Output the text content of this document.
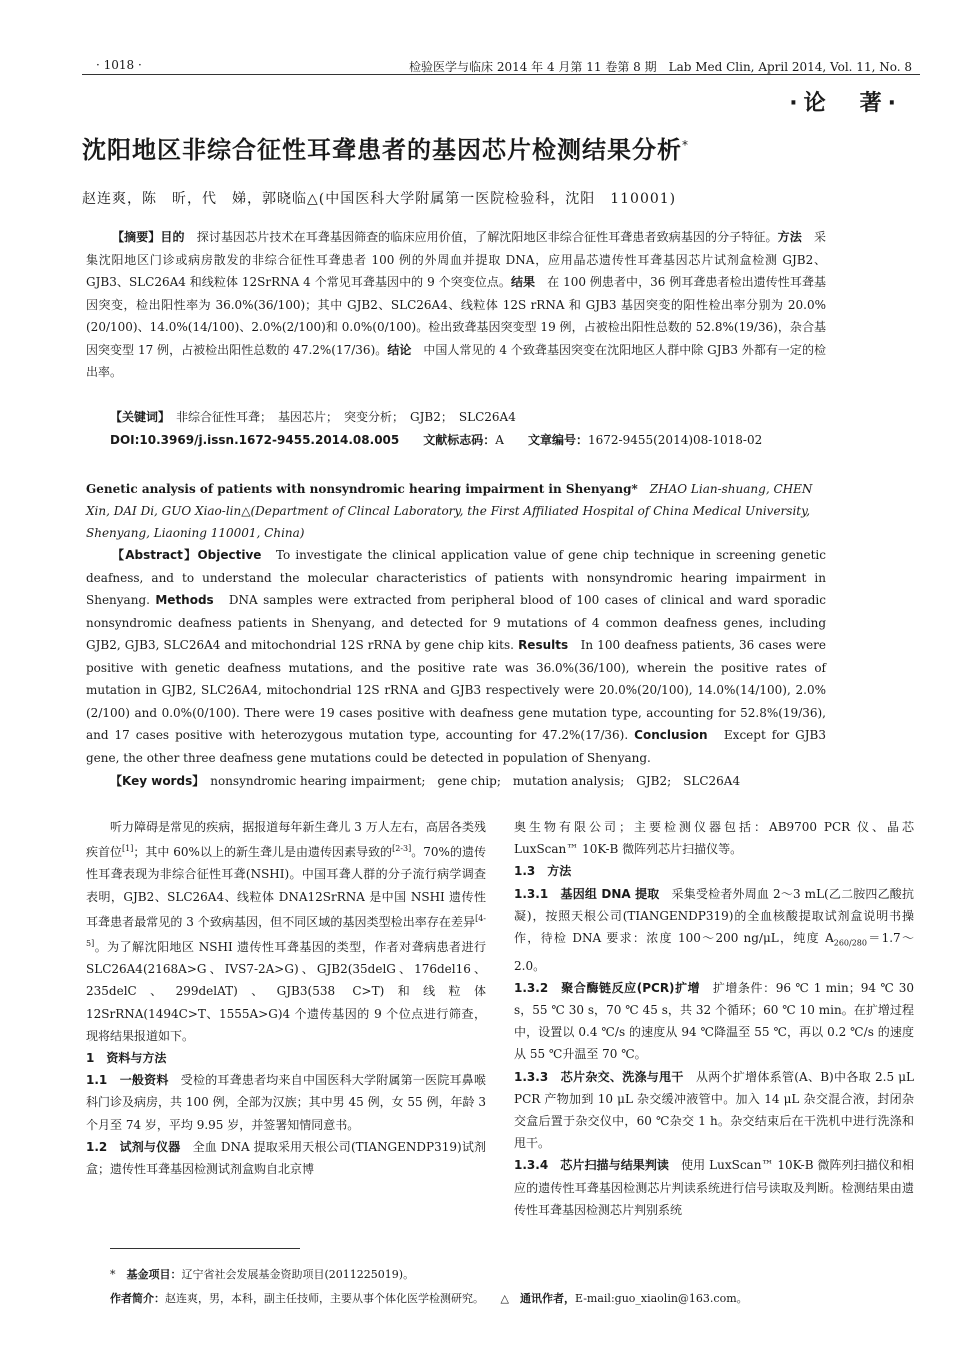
· 1018 ·	检验医学与临床 2014 年 4 月第 11 卷第 8 期　Lab Med Clin, April 2014, Vol. 11, No. 8
·论　著·
沈阳地区非综合征性耳聋患者的基因芯片检测结果分析*
赵连爽，陈　昕，代　娣，郭晓临△(中国医科大学附属第一医院检验科，沈阳　110001)
【摘要】目的　 探讨基因芯片技术在耳聋基因筛查的临床应用价值，了解沈阳地区非综合征性耳聋患者致病基因的分子特征。方法　 采集沈阳地区门诊或病房散发的非综合征性耳聋患者 100 例的外周血并提取 DNA，应用晶芯遗传性耳聋基因芯片试剂盒检测 GJB2、GJB3、SLC26A4 和线粒体 12SrRNA 4 个常见耳聋基因中的 9 个突变位点。结果　 在 100 例患者中，36 例耳聋患者检出遗传性耳聋基因突变，检出阳性率为 36.0%(36/100)；其中 GJB2、SLC26A4、线粒体 12S rRNA 和 GJB3 基因突变的阳性检出率分别为 20.0%(20/100)、14.0%(14/100)、2.0%(2/100)和 0.0%(0/100)。检出致聋基因突变型 19 例，占被检出阳性总数的 52.8%(19/36)，杂合基因突变型 17 例，占被检出阳性总数的 47.2%(17/36)。结论　 中国人常见的 4 个致聋基因突变在沈阳地区人群中除 GJB3 外都有一定的检出率。
【关键词】　 非综合征性耳聋；　基因芯片；　突变分析；　GJB2；　SLC26A4
DOI:10.3969/j.issn.1672-9455.2014.08.005　　 文献标志码：A　　 文章编号：1672-9455(2014)08-1018-02
Genetic analysis of patients with nonsyndromic hearing impairment in Shenyang*　 ZHAO Lian-shuang, CHEN Xin, DAI Di, GUO Xiao-lin△(Department of Clincal Laboratory, the First Affiliated Hospital of China Medical University, Shenyang, Liaoning 110001, China)
【Abstract】Objective　 To investigate the clinical application value of gene chip technique in screening genetic deafness, and to understand the molecular characteristics of patients with nonsyndromic hearing impairment in Shenyang. Methods　 DNA samples were extracted from peripheral blood of 100 cases of clinical and ward sporadic nonsyndromic deafness patients in Shenyang, and detected for 9 mutations of 4 common deafness genes, including GJB2, GJB3, SLC26A4 and mitochondrial 12S rRNA by gene chip kits. Results　 In 100 deafness patients, 36 cases were positive with genetic deafness mutations, and the positive rate was 36.0%(36/100), wherein the positive rates of mutation in GJB2, SLC26A4, mitochondrial 12S rRNA and GJB3 respectively were 20.0%(20/100), 14.0%(14/100), 2.0%(2/100) and 0.0%(0/100). There were 19 cases positive with deafness gene mutation type, accounting for 52.8%(19/36), and 17 cases positive with heterozygous mutation type, accounting for 47.2%(17/36). Conclusion　 Except for GJB3 gene, the other three deafness gene mutations could be detected in population of Shenyang.
【Key words】　 nonsyndromic hearing impairment;　gene chip;　mutation analysis;　GJB2;　SLC26A4

听力障碍是常见的疾病，据报道每年新生聋儿 3 万人左右，高居各类残疾首位[1]；其中 60%以上的新生聋儿是由遗传因素导致的[2-3]。70%的遗传性耳聋表现为非综合征性耳聋(NSHI)。中国耳聋人群的分子流行病学调查表明，GJB2、SLC26A4、线粒体 DNA12SrRNA 是中国 NSHI 遗传性耳聋患者最常见的 3 个致病基因，但不同区域的基因类型检出率存在差异[4-5]。为了解沈阳地区 NSHI 遗传性耳聋基因的类型，作者对聋病患者进行 SLC26A4(2168A>G、IVS7-2A>G)、GJB2(35delG、176del16、235delC、299delAT)、GJB3(538 C>T)和线粒体 12SrRNA(1494C>T、1555A>G)4 个遗传基因的 9 个位点进行筛查，现将结果报道如下。

1　资料与方法

1.1　一般资料　 受检的耳聋患者均来自中国医科大学附属第一医院耳鼻喉科门诊及病房，共 100 例，全部为汉族；其中男 45 例，女 55 例，年龄 3 个月至 74 岁，平均 9.95 岁，并签署知情同意书。

1.2　试剂与仪器　 全血 DNA 提取采用天根公司(TIANGENDP319)试剂盒；遗传性耳聋基因检测试剂盒购自北京博

奥生物有限公司；主要检测仪器包括：AB9700 PCR 仪、晶芯 LuxScan™ 10K-B 微阵列芯片扫描仪等。

1.3　方法

1.3.1　基因组 DNA 提取　 采集受检者外周血 2～3 mL(乙二胺四乙酸抗凝)，按照天根公司(TIANGENDP319)的全血核酸提取试剂盒说明书操作，待检 DNA 要求：浓度 100～200 ng/μL，纯度 $A_{260/280}=1.7\sim 2.0$。

1.3.2　聚合酶链反应(PCR)扩增　 扩增条件：96 ℃ 1 min；94 ℃ 30 s，55 ℃ 30 s，70 ℃ 45 s，共 32 个循环；60 ℃ 10 min。在扩增过程中，设置以 0.4 ℃/s 的速度从 94 ℃降温至 55 ℃，再以 0.2 ℃/s 的速度从 55 ℃升温至 70 ℃。

1.3.3　芯片杂交、洗涤与甩干　 从两个扩增体系管(A、B)中各取 2.5 μL PCR 产物加到 10 μL 杂交缓冲液管中。加入 14 μL 杂交混合液，封闭杂交盒后置于杂交仪中，60 ℃杂交 1 h。杂交结束后在干洗机中进行洗涤和甩干。

1.3.4　芯片扫描与结果判读　 使用 LuxScan™ 10K-B 微阵列扫描仪和相应的遗传性耳聋基因检测芯片判读系统进行信号读取及判断。检测结果由遗传性耳聋基因检测芯片判别系统

*　 基金项目：辽宁省社会发展基金资助项目(2011225019)。
作者简介：赵连爽，男，本科，副主任技师，主要从事个体化医学检测研究。　　 △　 通讯作者，E-mail:guo_xiaolin@163.com。
